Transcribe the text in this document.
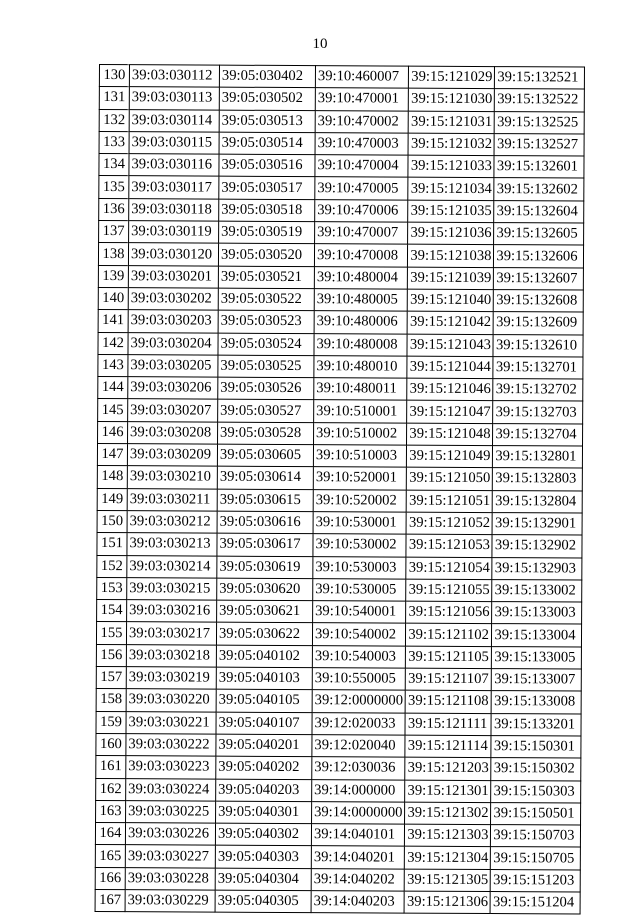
10
130	39:03:030112	39:05:030402	39:10:460007	39:15:121029	39:15:132521
131	39:03:030113	39:05:030502	39:10:470001	39:15:121030	39:15:132522
132	39:03:030114	39:05:030513	39:10:470002	39:15:121031	39:15:132525
133	39:03:030115	39:05:030514	39:10:470003	39:15:121032	39:15:132527
134	39:03:030116	39:05:030516	39:10:470004	39:15:121033	39:15:132601
135	39:03:030117	39:05:030517	39:10:470005	39:15:121034	39:15:132602
136	39:03:030118	39:05:030518	39:10:470006	39:15:121035	39:15:132604
137	39:03:030119	39:05:030519	39:10:470007	39:15:121036	39:15:132605
138	39:03:030120	39:05:030520	39:10:470008	39:15:121038	39:15:132606
139	39:03:030201	39:05:030521	39:10:480004	39:15:121039	39:15:132607
140	39:03:030202	39:05:030522	39:10:480005	39:15:121040	39:15:132608
141	39:03:030203	39:05:030523	39:10:480006	39:15:121042	39:15:132609
142	39:03:030204	39:05:030524	39:10:480008	39:15:121043	39:15:132610
143	39:03:030205	39:05:030525	39:10:480010	39:15:121044	39:15:132701
144	39:03:030206	39:05:030526	39:10:480011	39:15:121046	39:15:132702
145	39:03:030207	39:05:030527	39:10:510001	39:15:121047	39:15:132703
146	39:03:030208	39:05:030528	39:10:510002	39:15:121048	39:15:132704
147	39:03:030209	39:05:030605	39:10:510003	39:15:121049	39:15:132801
148	39:03:030210	39:05:030614	39:10:520001	39:15:121050	39:15:132803
149	39:03:030211	39:05:030615	39:10:520002	39:15:121051	39:15:132804
150	39:03:030212	39:05:030616	39:10:530001	39:15:121052	39:15:132901
151	39:03:030213	39:05:030617	39:10:530002	39:15:121053	39:15:132902
152	39:03:030214	39:05:030619	39:10:530003	39:15:121054	39:15:132903
153	39:03:030215	39:05:030620	39:10:530005	39:15:121055	39:15:133002
154	39:03:030216	39:05:030621	39:10:540001	39:15:121056	39:15:133003
155	39:03:030217	39:05:030622	39:10:540002	39:15:121102	39:15:133004
156	39:03:030218	39:05:040102	39:10:540003	39:15:121105	39:15:133005
157	39:03:030219	39:05:040103	39:10:550005	39:15:121107	39:15:133007
158	39:03:030220	39:05:040105	39:12:0000000	39:15:121108	39:15:133008
159	39:03:030221	39:05:040107	39:12:020033	39:15:121111	39:15:133201
160	39:03:030222	39:05:040201	39:12:020040	39:15:121114	39:15:150301
161	39:03:030223	39:05:040202	39:12:030036	39:15:121203	39:15:150302
162	39:03:030224	39:05:040203	39:14:000000	39:15:121301	39:15:150303
163	39:03:030225	39:05:040301	39:14:0000000	39:15:121302	39:15:150501
164	39:03:030226	39:05:040302	39:14:040101	39:15:121303	39:15:150703
165	39:03:030227	39:05:040303	39:14:040201	39:15:121304	39:15:150705
166	39:03:030228	39:05:040304	39:14:040202	39:15:121305	39:15:151203
167	39:03:030229	39:05:040305	39:14:040203	39:15:121306	39:15:151204
